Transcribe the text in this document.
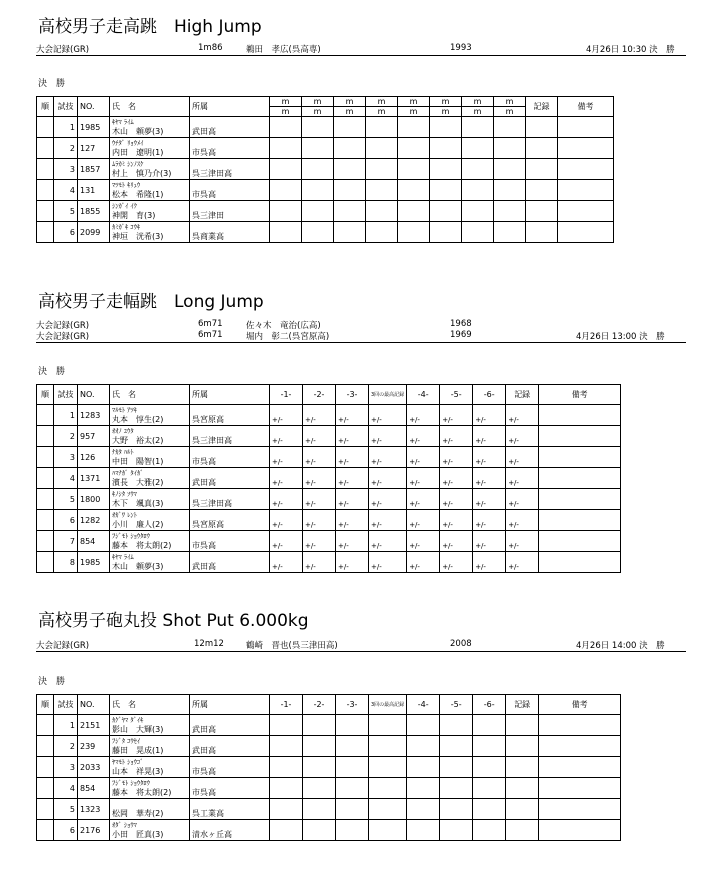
高校男子走高跳　High Jump
大会記録(GR)	1m86	鵜田　孝広(呉高専)	1993	4月26日 10:30 決　勝
決　勝
順	試技	NO.	氏　名	所属	m	m	m	m	m	m	m	m	記録	備考
					m	m	m	m	m	m	m	m		
	1	1985	ｷﾔﾏ ﾗｲﾑ
木山　頼夢(3)	武田高										

	2	127	ｳﾁﾀﾞ ﾘｮｳﾒｲ
内田　遼明(1)	市呉高										

	3	1857	ﾑﾗｶﾐ ｼﾝﾉｽｹ
村上　慎乃介(3)	呉三津田高										

	4	131	ﾏﾂﾓﾄ ｷﾘｭｳ
松本　希隆(1)	市呉高										

	5	1855	ｼﾝｶﾞｲ ｲｸ
神開　育(3)	呉三津田										

	6	2099	ｶﾐｶﾞｷ ｺｳｷ
神垣　洸希(3)	呉商業高										

高校男子走幅跳　Long Jump
大会記録(GR)	6m71	佐々木　竜治(広高)	1968
大会記録(GR)	6m71	堀内　彰二(呉宮原高)	1969	4月26日 13:00 決　勝
決　勝
順	試技	NO.	氏　名	所属	-1-	-2-	-3-	3回の最高記録	-4-	-5-	-6-	記録	備考
	1	1283	ﾏﾙﾓﾄ ｱﾂｷ
丸本　惇生(2)	呉宮原高	+/-	+/-	+/-	+/-	+/-	+/-	+/-	+/-	
	2	957	ｵｵﾉ ﾕｳﾀ
大野　裕太(2)	呉三津田高	+/-	+/-	+/-	+/-	+/-	+/-	+/-	+/-	
	3	126	ﾅｶﾀ ﾊﾙﾄ
中田　陽智(1)	市呉高	+/-	+/-	+/-	+/-	+/-	+/-	+/-	+/-	
	4	1371	ﾊﾏﾅｶﾞ ﾀｲｶﾞ
濱長　大雅(2)	武田高	+/-	+/-	+/-	+/-	+/-	+/-	+/-	+/-	
	5	1800	ｷﾉｼﾀ ｿｳﾏ
木下　颯真(3)	呉三津田高	+/-	+/-	+/-	+/-	+/-	+/-	+/-	+/-	
	6	1282	ｵｶﾞﾜ ﾚﾝﾄ
小川　廉人(2)	呉宮原高	+/-	+/-	+/-	+/-	+/-	+/-	+/-	+/-	
	7	854	ﾌｼﾞﾓﾄ ｼｮｳﾀﾛｳ
藤本　将太朗(2)	市呉高	+/-	+/-	+/-	+/-	+/-	+/-	+/-	+/-	
	8	1985	ｷﾔﾏ ﾗｲﾑ
木山　頼夢(3)	武田高	+/-	+/-	+/-	+/-	+/-	+/-	+/-	+/-	
高校男子砲丸投 Shot Put 6.000kg
大会記録(GR)	12m12	鶴崎　晋也(呉三津田高)	2008	4月26日 14:00 決　勝
決　勝
順	試技	NO.	氏　名	所属	-1-	-2-	-3-	3回の最高記録	-4-	-5-	-6-	記録	備考
	1	2151	ｶｹﾞﾔﾏ ﾀﾞｲｷ
影山　大輝(3)	武田高									

	2	239	ﾌｼﾞﾀ ｺｳｾｲ
藤田　晃成(1)	武田高									

	3	2033	ﾔﾏﾓﾄ ｼｮｳｺﾞ
山本　祥晃(3)	市呉高									

	4	854	ﾌｼﾞﾓﾄ ｼｮｳﾀﾛｳ
藤本　将太朗(2)	市呉高									

	5	1323	松岡　華寿(2)	呉工業高									

	6	2176	ｵﾀﾞ ｼｮｳﾏ
小田　匠真(3)	清水ヶ丘高									
